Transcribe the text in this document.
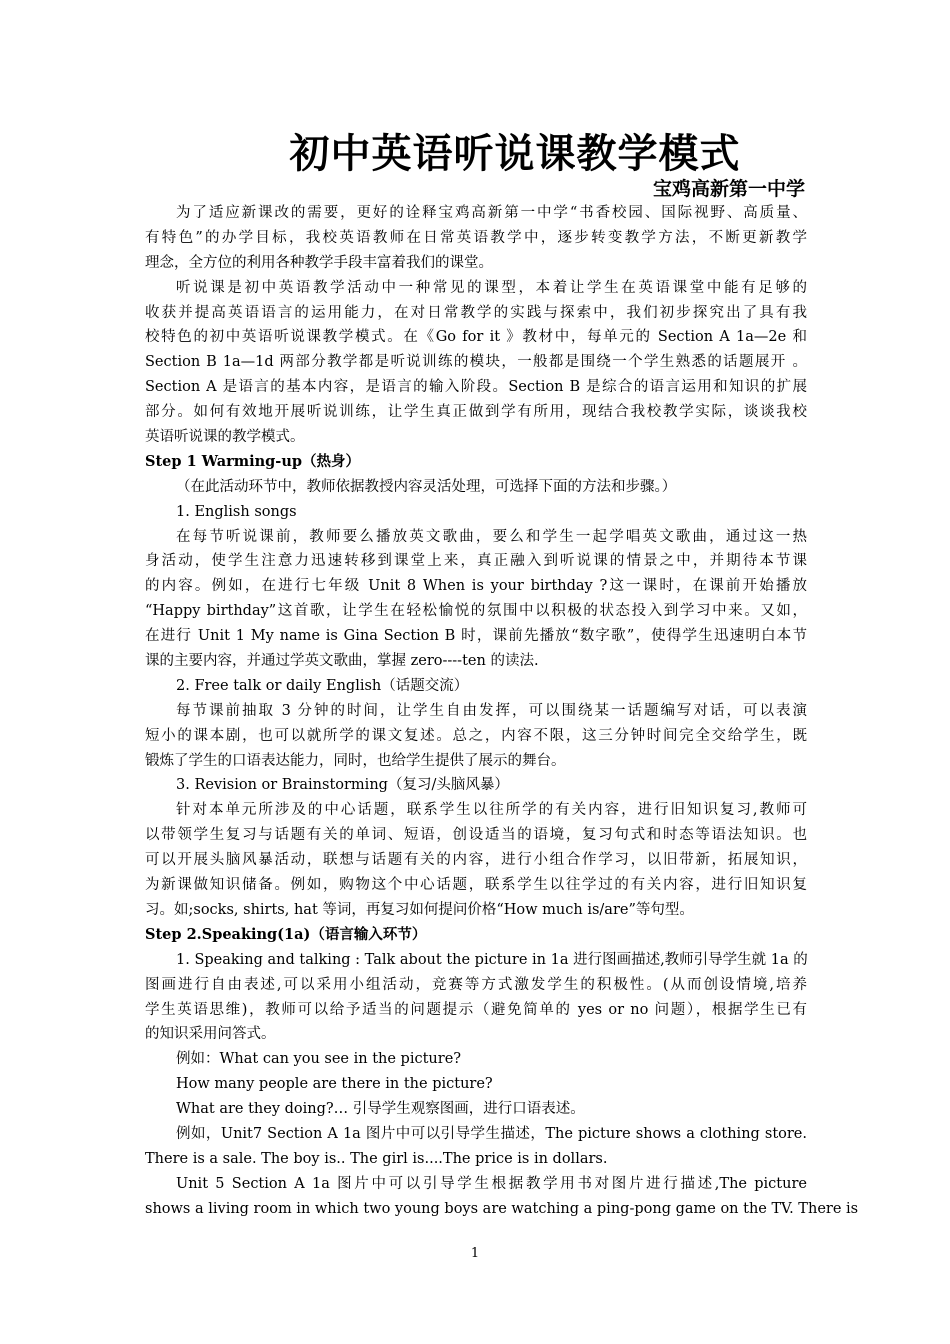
初中英语听说课教学模式
宝鸡高新第一中学
为了适应新课改的需要，更好的诠释宝鸡高新第一中学“书香校园、国际视野、高质量、
有特色”的办学目标，我校英语教师在日常英语教学中，逐步转变教学方法，不断更新教学
理念，全方位的利用各种教学手段丰富着我们的课堂。
听说课是初中英语教学活动中一种常见的课型，本着让学生在英语课堂中能有足够的
收获并提高英语语言的运用能力，在对日常教学的实践与探索中，我们初步探究出了具有我
校特色的初中英语听说课教学模式。在《Go for it 》教材中，每单元的 Section A 1a—2e 和
Section B 1a—1d 两部分教学都是听说训练的模块，一般都是围绕一个学生熟悉的话题展开 。
Section A 是语言的基本内容，是语言的输入阶段。Section B 是综合的语言运用和知识的扩展
部分。如何有效地开展听说训练，让学生真正做到学有所用，现结合我校教学实际，谈谈我校
英语听说课的教学模式。
Step 1 Warming-up（热身）
（在此活动环节中，教师依据教授内容灵活处理，可选择下面的方法和步骤。）
1. English songs
在每节听说课前，教师要么播放英文歌曲，要么和学生一起学唱英文歌曲，通过这一热
身活动，使学生注意力迅速转移到课堂上来，真正融入到听说课的情景之中，并期待本节课
的内容。例如，在进行七年级 Unit 8 When is your birthday ?这一课时，在课前开始播放
“Happy birthday”这首歌，让学生在轻松愉悦的氛围中以积极的状态投入到学习中来。又如，
在进行 Unit 1 My name is Gina Section B 时，课前先播放“数字歌”，使得学生迅速明白本节
课的主要内容，并通过学英文歌曲，掌握 zero----ten 的读法.
2. Free talk or daily English（话题交流）
每节课前抽取 3 分钟的时间，让学生自由发挥，可以围绕某一话题编写对话，可以表演
短小的课本剧，也可以就所学的课文复述。总之，内容不限，这三分钟时间完全交给学生，既
锻炼了学生的口语表达能力，同时，也给学生提供了展示的舞台。
3. Revision or Brainstorming（复习/头脑风暴）
针对本单元所涉及的中心话题，联系学生以往所学的有关内容，进行旧知识复习,教师可
以带领学生复习与话题有关的单词、短语，创设适当的语境，复习句式和时态等语法知识。也
可以开展头脑风暴活动，联想与话题有关的内容，进行小组合作学习，以旧带新，拓展知识，
为新课做知识储备。例如，购物这个中心话题，联系学生以往学过的有关内容，进行旧知识复
习。如;socks, shirts, hat 等词，再复习如何提问价格“How much is/are”等句型。
Step 2.Speaking(1a)（语言输入环节）
1. Speaking and talking : Talk about the picture in 1a 进行图画描述,教师引导学生就 1a 的
图画进行自由表述,可以采用小组活动，竞赛等方式激发学生的积极性。(从而创设情境,培养
学生英语思维)，教师可以给予适当的问题提示（避免简单的 yes or no 问题），根据学生已有
的知识采用问答式。
例如：What can you see in the picture?
How many people are there in the picture?
What are they doing?… 引导学生观察图画，进行口语表述。
例如，Unit7 Section A 1a 图片中可以引导学生描述，The picture shows a clothing store.
There is a sale. The boy is.. The girl is....The price is in dollars.
Unit 5 Section A 1a 图片中可以引导学生根据教学用书对图片进行描述,The picture
shows a living room in which two young boys are watching a ping-pong game on the TV. There is
1
